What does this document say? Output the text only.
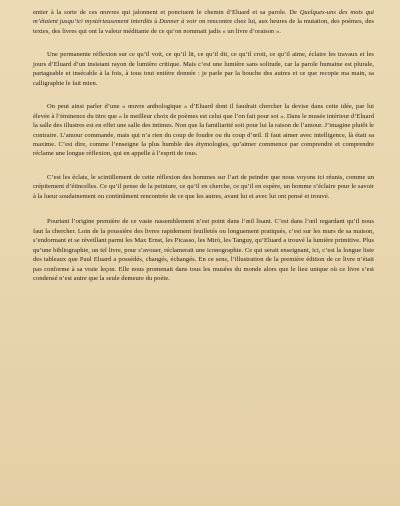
entier à la sorte de ces œuvres qui jalonnent et ponctuent le chemin d’Eluard et sa parole. De Quelques-uns des mots qui m’étaient jusqu’ici mystérieusement interdits à Donner à voir on rencontre chez lui, aux heures de la mutation, des poèmes, des textes, des livres qui ont la valeur méditante de ce qu’on nommait jadis « un livre d’oraison ».

Une permanente réflexion sur ce qu’il voit, ce qu’il lit, ce qu’il dit, ce qu’il croit, ce qu’il aime, éclaire les travaux et les jours d’Eluard d’un insistant rayon de lumière critique. Mais c’est une lumière sans solitude, car la parole humaine est plurale, partageable et insécable à la fois, à tous tout entière donnée : je parle par la bouche des autres et ce que recopie ma main, sa calligraphie le fait mien.

On peut ainsi parler d’une « œuvre anthologique » d’Eluard dont il faudrait chercher la devise dans cette idée, par lui élevée à l’éminence du titre que « le meilleur choix de poèmes est celui que l’on fait pour soi ». Dans le musée intérieur d’Eluard la salle des illustres est en effet une salle des intimes. Non que la familiarité soit pour lui la raison de l’amour. J’imagine plutôt le contraire. L’amour commande, mais qui n’a rien du coup de foudre ou du coup d’œil. Il faut aimer avec intelligence, là était sa maxime. C’est dire, comme l’enseigne la plus humble des étymologies, qu’aimer commence par comprendre et comprendre réclame une longue réflexion, qui en appelle à l’esprit de tous.

C’est les éclats, le scintillement de cette réflexion des hommes sur l’art de peindre que nous voyons ici réunis, comme un crépitement d’étincelles. Ce qu’il pense de la peinture, ce qu’il en cherche, ce qu’il en espère, un homme s’éclaire pour le savoir à la lueur soudainement ou continûment rencontrée de ce que les autres, avant lui et avec lui ont pensé et trouvé.

Pourtant l’origine première de ce vaste rassemblement n’est point dans l’œil lisant. C’est dans l’œil regardant qu’il nous faut la chercher. Loin de la poussière des livres rapidement feuilletés ou longuement pratiqués, c’est sur les murs de sa maison, s’endormant et se réveillant parmi les Max Ernst, les Picasso, les Miró, les Tanguy, qu’Eluard a trouvé la lumière primitive. Plus qu’une bibliographie, un tel livre, pour s’avouer, réclamerait une iconographie. Ce qui serait enseignant, ici, c’est la longue liste des tableaux que Paul Eluard a possédés, changés, échangés. En ce sens, l’illustration de la première édition de ce livre n’était pas conforme à sa vraie leçon. Elle nous promenait dans tous les musées du monde alors que le lieu unique où ce livre s’est condensé n’est autre que la seule demeure du poète.
